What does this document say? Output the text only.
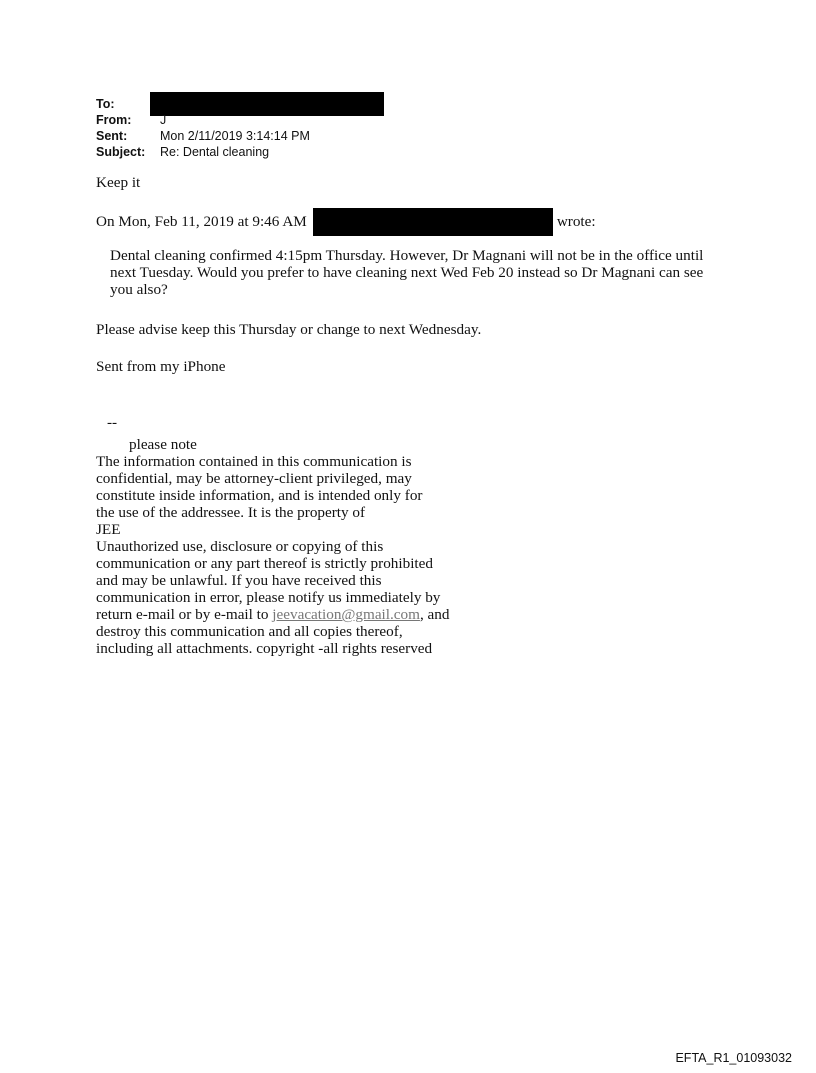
To:
From:	J
Sent:	Mon 2/11/2019 3:14:14 PM
Subject:	Re: Dental cleaning
Keep it
On Mon, Feb 11, 2019 at 9:46 AM	wrote:
Dental cleaning confirmed 4:15pm Thursday. However, Dr Magnani will not be in the office until next Tuesday. Would you prefer to have cleaning next Wed Feb 20 instead so Dr Magnani can see you also?
Please advise keep this Thursday or change to next Wednesday.
Sent from my iPhone
--
please note
The information contained in this communication is
confidential, may be attorney-client privileged, may
constitute inside information, and is intended only for
the use of the addressee. It is the property of
JEE
Unauthorized use, disclosure or copying of this
communication or any part thereof is strictly prohibited
and may be unlawful. If you have received this
communication in error, please notify us immediately by
return e-mail or by e-mail to jeevacation@gmail.com, and
destroy this communication and all copies thereof,
including all attachments. copyright -all rights reserved
EFTA_R1_01093032
